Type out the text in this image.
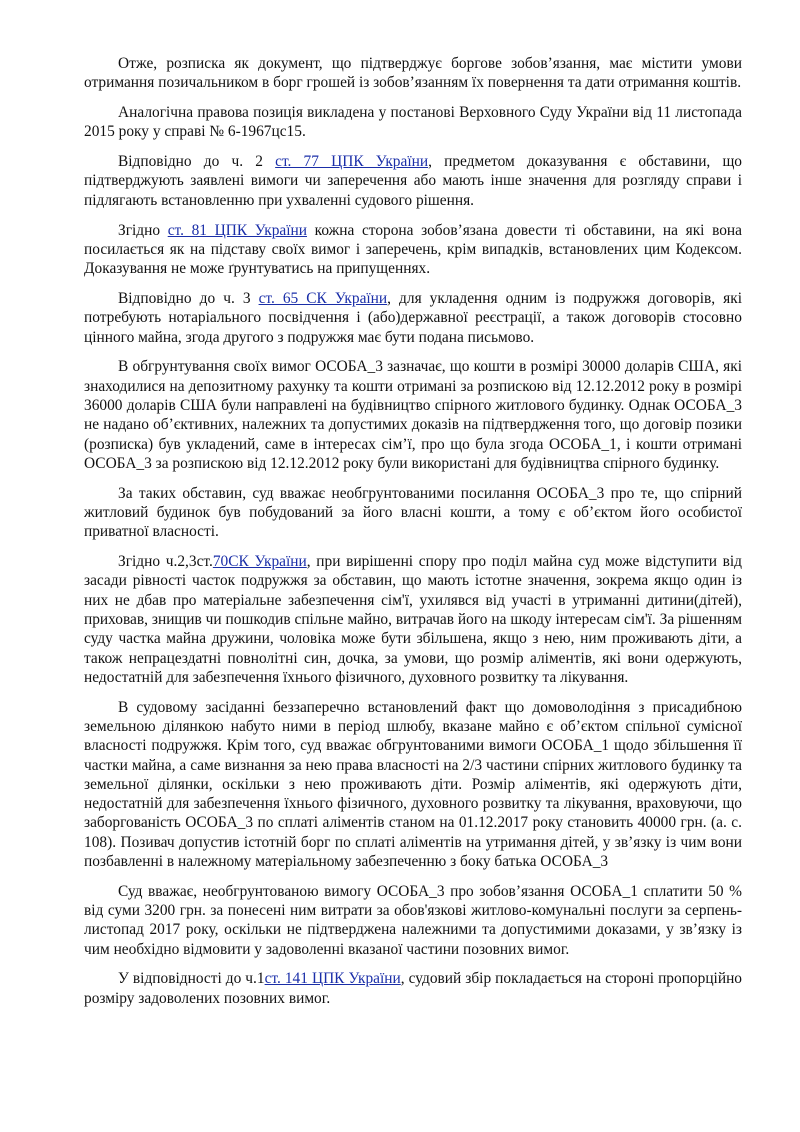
Отже, розписка як документ, що підтверджує боргове зобов’язання, має містити умови отримання позичальником в борг грошей із зобов’язанням їх повернення та дати отримання коштів.

Аналогічна правова позиція викладена у постанові Верховного Суду України від 11 листопада 2015 року у справі № 6-1967цс15.

Відповідно до ч. 2 ст. 77 ЦПК України, предметом доказування є обставини, що підтверджують заявлені вимоги чи заперечення або мають інше значення для розгляду справи і підлягають встановленню при ухваленні судового рішення.

Згідно ст. 81 ЦПК України кожна сторона зобов’язана довести ті обставини, на які вона посилається як на підставу своїх вимог і заперечень, крім випадків, встановлених цим Кодексом. Доказування не може ґрунтуватись на припущеннях.

Відповідно до ч. 3 ст. 65 СК України, для укладення одним із подружжя договорів, які потребують нотаріального посвідчення і (або)державної реєстрації, а також договорів стосовно цінного майна, згода другого з подружжя має бути подана письмово.

В обгрунтування своїх вимог ОСОБА_3 зазначає, що кошти в розмірі 30000 доларів США, які знаходилися на депозитному рахунку та кошти отримані за розпискою від 12.12.2012 року в розмірі 36000 доларів США були направлені на будівництво спірного житлового будинку. Однак ОСОБА_3 не надано об’єктивних, належних та допустимих доказів на підтвердження того, що договір позики (розписка) був укладений, саме в інтересах сім’ї, про що була згода ОСОБА_1, і кошти отримані ОСОБА_3 за розпискою від 12.12.2012 року були використані для будівництва спірного будинку.

За таких обставин, суд вважає необгрунтованими посилання ОСОБА_3 про те, що спірний житловий будинок був побудований за його власні кошти, а тому є об’єктом його особистої приватної власності.

Згідно ч.2,3ст.70СК України, при вирішенні спору про поділ майна суд може відступити від засади рівності часток подружжя за обставин, що мають істотне значення, зокрема якщо один із них не дбав про матеріальне забезпечення сім'ї, ухилявся від участі в утриманні дитини(дітей), приховав, знищив чи пошкодив спільне майно, витрачав його на шкоду інтересам сім'ї. За рішенням суду частка майна дружини, чоловіка може бути збільшена, якщо з нею, ним проживають діти, а також непрацездатні повнолітні син, дочка, за умови, що розмір аліментів, які вони одержують, недостатній для забезпечення їхнього фізичного, духовного розвитку та лікування.

В судовому засіданні беззаперечно встановлений факт що домоволодіння з присадибною земельною ділянкою набуто ними в період шлюбу, вказане майно є об’єктом спільної сумісної власності подружжя. Крім того, суд вважає обгрунтованими вимоги ОСОБА_1 щодо збільшення її частки майна, а саме визнання за нею права власності на 2/3 частини спірних житлового будинку та земельної ділянки, оскільки з нею проживають діти. Розмір аліментів, які одержують діти, недостатній для забезпечення їхнього фізичного, духовного розвитку та лікування, враховуючи, що заборгованість ОСОБА_3 по сплаті аліментів станом на 01.12.2017 року становить 40000 грн. (а. с. 108). Позивач допустив істотній борг по сплаті аліментів на утримання дітей, у зв’язку із чим вони позбавленні в належному матеріальному забезпеченню з боку батька ОСОБА_3

Суд вважає, необгрунтованою вимогу ОСОБА_3 про зобов’язання ОСОБА_1 сплатити 50 % від суми 3200 грн. за понесені ним витрати за обов'язкові житлово-комунальні послуги за серпень-листопад 2017 року, оскільки не підтверджена належними та допустимими доказами, у зв’язку із чим необхідно відмовити у задоволенні вказаної частини позовних вимог.

У відповідності до ч.1ст. 141 ЦПК України, судовий збір покладається на стороні пропорційно розміру задоволених позовних вимог.
